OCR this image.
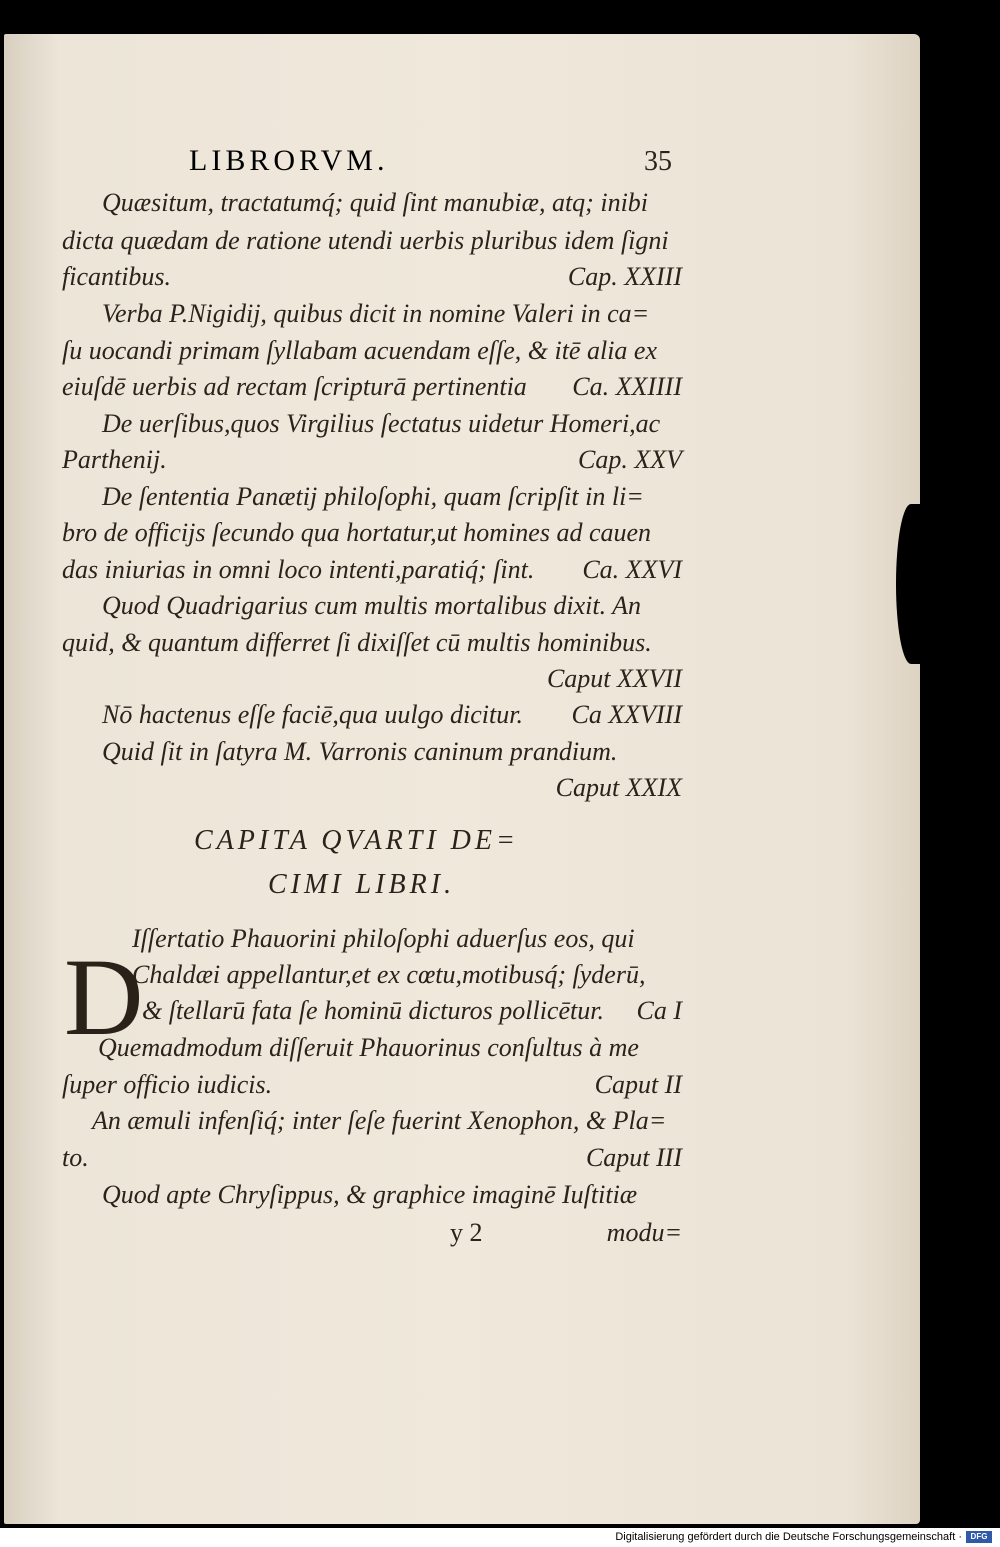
LIBRORVM.	35
Quæsitum, tractatumq́; quid ſint manubiæ, atq; inibi
dicta quædam de ratione utendi uerbis pluribus idem ſigni
ficantibus.	Cap. XXIII
Verba P.Nigidij, quibus dicit in nomine Valeri in ca=
ſu uocandi primam ſyllabam acuendam eſſe, & itē alia ex
eiuſdē uerbis ad rectam ſcripturā pertinentia Ca. XXIIII
De uerſibus,quos Virgilius ſectatus uidetur Homeri,ac
Parthenij.	Cap. XXV
De ſententia Panætij philoſophi, quam ſcripſit in li=
bro de officijs ſecundo qua hortatur,ut homines ad cauen
das iniurias in omni loco intenti,paratiq́; ſint. Ca. XXVI
Quod Quadrigarius cum multis mortalibus dixit. An
quid, & quantum differret ſi dixiſſet cū multis hominibus.
Caput XXVII
Nō hactenus eſſe faciē,qua uulgo dicitur. Ca XXVIII
Quid ſit in ſatyra M. Varronis caninum prandium.
Caput XXIX
CAPITA QVARTI DE=
CIMI LIBRI.
Iſſertatio Phauorini philoſophi aduerſus eos, qui
Chaldæi appellantur,et ex cœtu,motibusq́; ſyderū,
& ſtellarū fata ſe hominū dicturos pollicētur. Ca I
Quemadmodum diſſeruit Phauorinus conſultus à me
ſuper officio iudicis.	Caput II
An æmuli infenſiq́; inter ſeſe fuerint Xenophon, & Pla=
to.	Caput III
Quod apte Chryſippus, & graphice imaginē Iuſtitiæ
y 2	modu=
D
Digitalisierung gefördert durch die Deutsche Forschungsgemeinschaft ·	DFG
